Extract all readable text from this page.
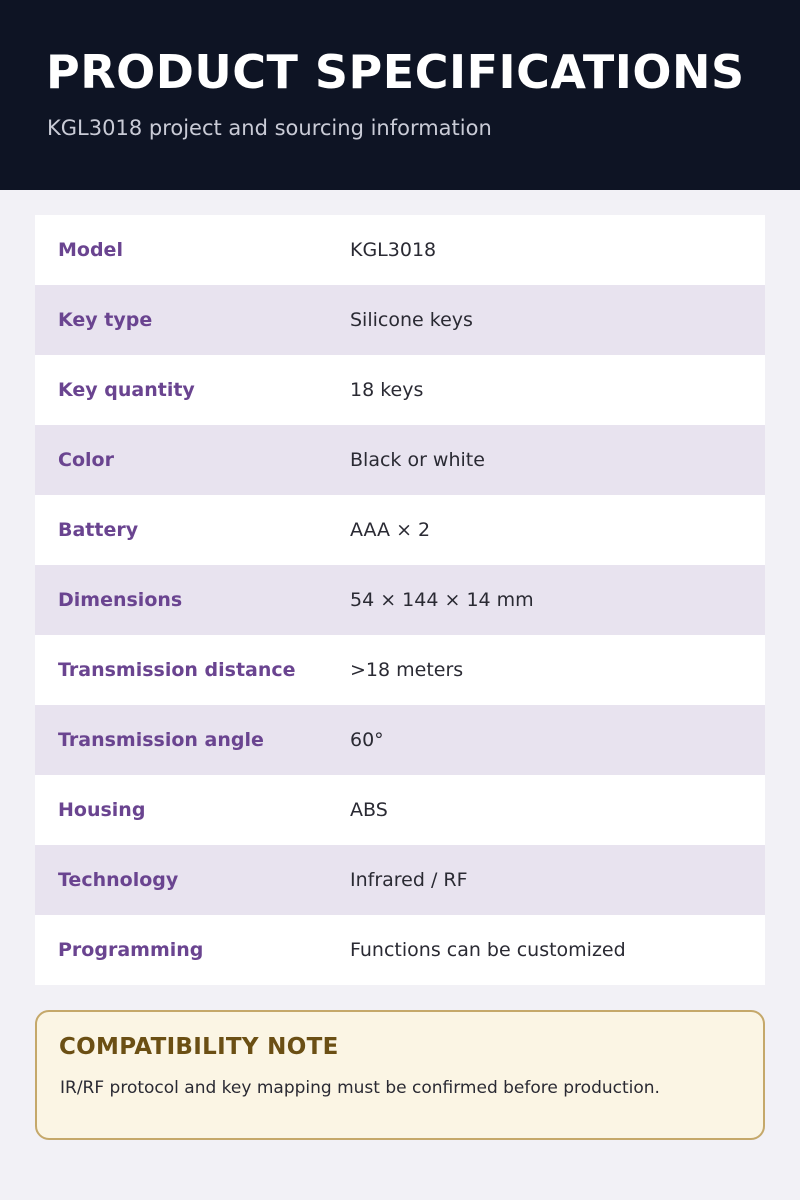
PRODUCT SPECIFICATIONS

KGL3018 project and sourcing information

Model	KGL3018
Key type	Silicone keys
Key quantity	18 keys
Color	Black or white
Battery	AAA × 2
Dimensions	54 × 144 × 14 mm
Transmission distance	>18 meters
Transmission angle	60°
Housing	ABS
Technology	Infrared / RF
Programming	Functions can be customized
COMPATIBILITY NOTE

IR/RF protocol and key mapping must be confirmed before production.
